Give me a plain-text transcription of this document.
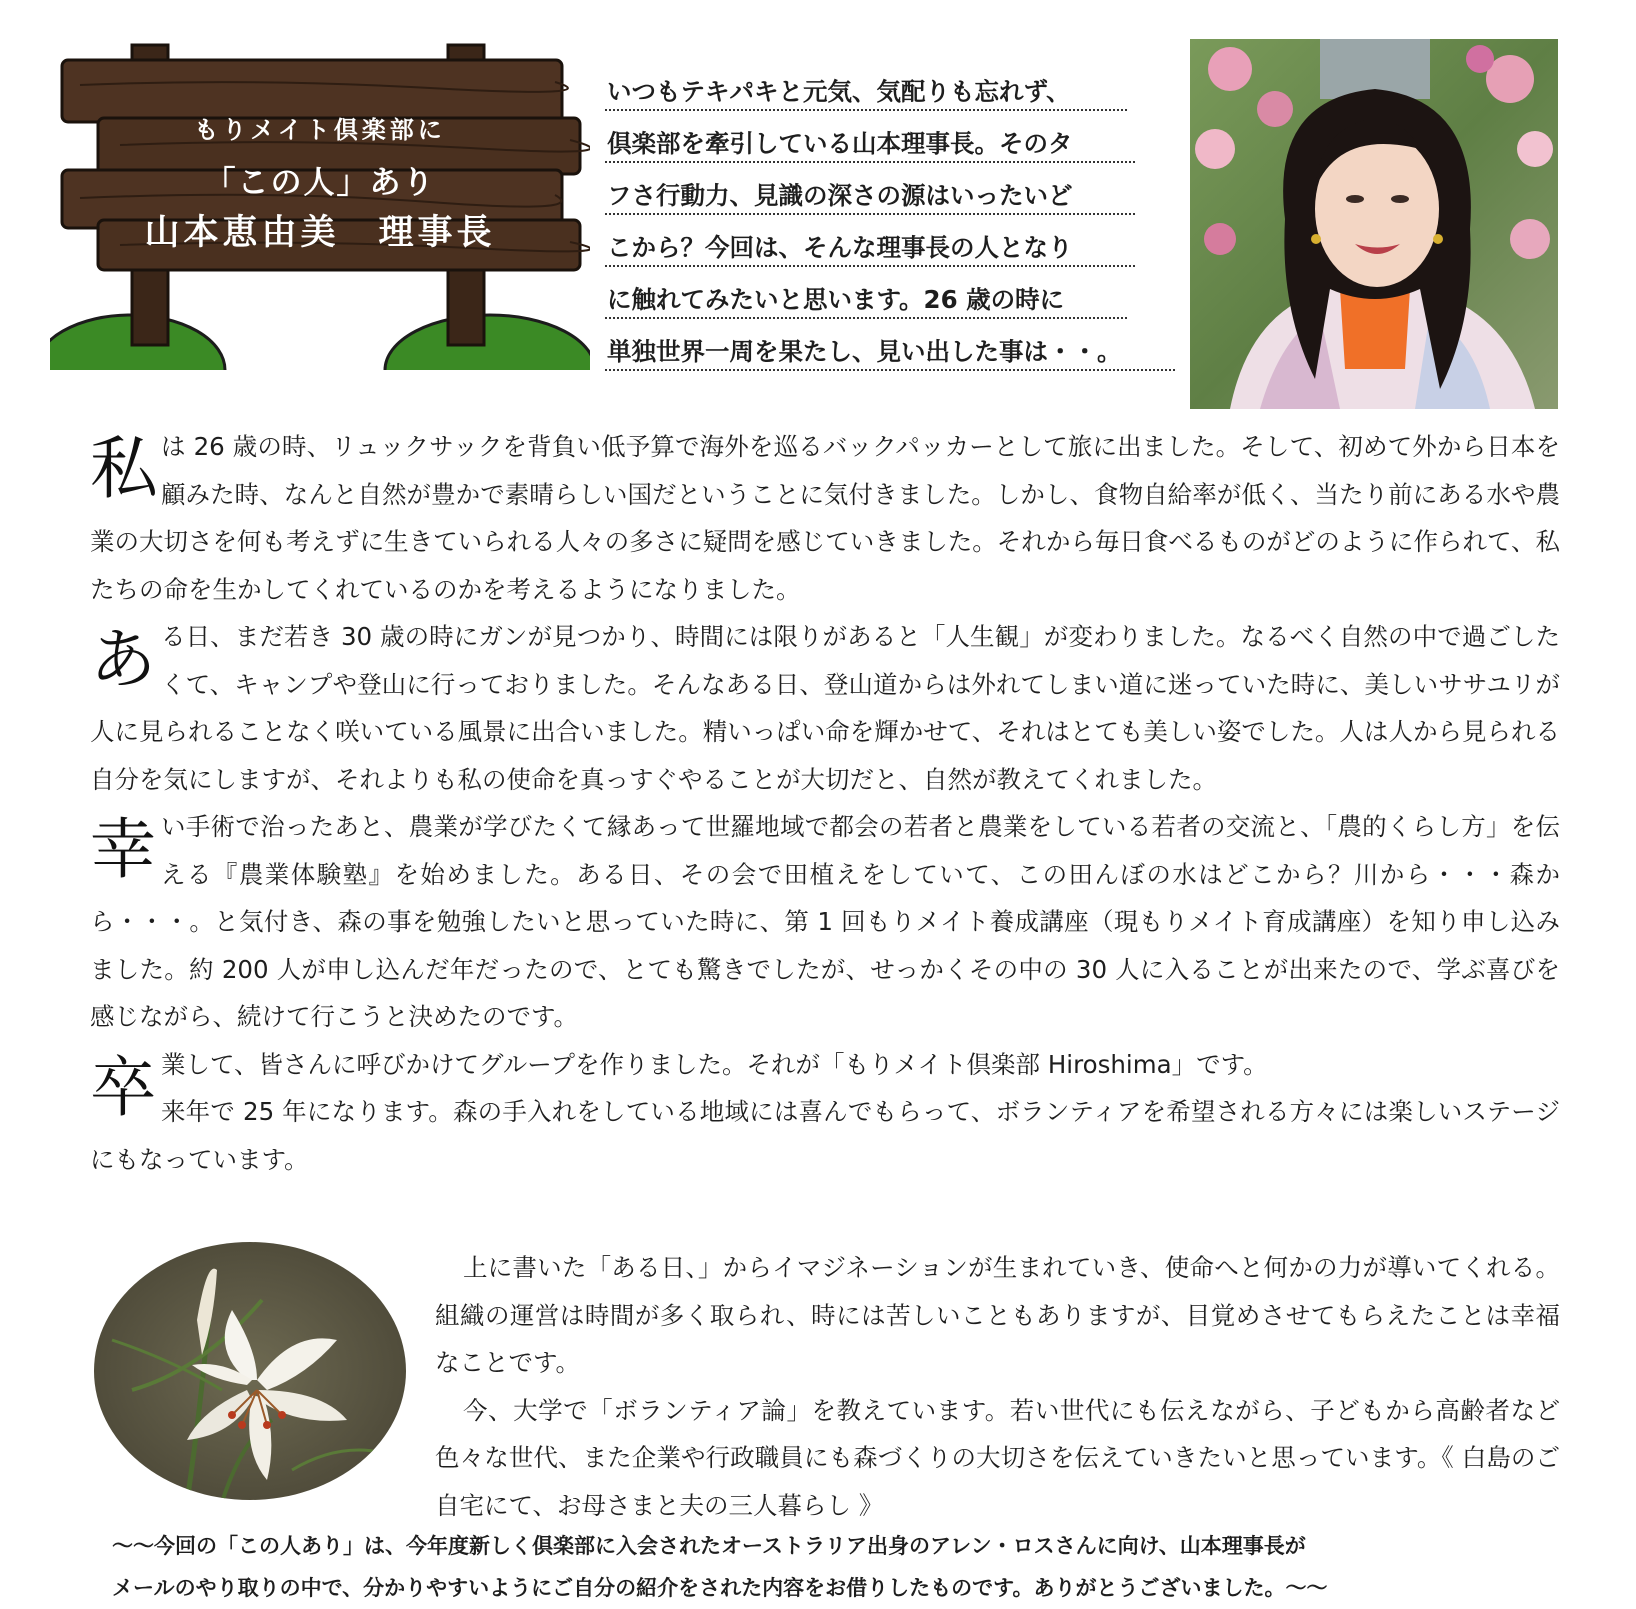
もりメイト倶楽部に
「この人」あり
山本恵由美　理事長
いつもテキパキと元気、気配りも忘れず、
倶楽部を牽引している山本理事長。そのタ
フさ行動力、見識の深さの源はいったいど
こから？今回は、そんな理事長の人となり
に触れてみたいと思います。26 歳の時に
単独世界一周を果たし、見い出した事は・・。

私は 26 歳の時、リュックサックを背負い低予算で海外を巡るバックパッカーとして旅に出ました。そして、初めて外から日本を顧みた時、なんと自然が豊かで素晴らしい国だということに気付きました。しかし、食物自給率が低く、当たり前にある水や農業の大切さを何も考えずに生きていられる人々の多さに疑問を感じていきました。それから毎日食べるものがどのように作られて、私たちの命を生かしてくれているのかを考えるようになりました。

ある日、まだ若き 30 歳の時にガンが見つかり、時間には限りがあると「人生観」が変わりました。なるべく自然の中で過ごしたくて、キャンプや登山に行っておりました。そんなある日、登山道からは外れてしまい道に迷っていた時に、美しいササユリが人に見られることなく咲いている風景に出合いました。精いっぱい命を輝かせて、それはとても美しい姿でした。人は人から見られる自分を気にしますが、それよりも私の使命を真っすぐやることが大切だと、自然が教えてくれました。

幸い手術で治ったあと、農業が学びたくて縁あって世羅地域で都会の若者と農業をしている若者の交流と、「農的くらし方」を伝える『農業体験塾』を始めました。ある日、その会で田植えをしていて、この田んぼの水はどこから？川から・・・森から・・・。と気付き、森の事を勉強したいと思っていた時に、第 1 回もりメイト養成講座（現もりメイト育成講座）を知り申し込みました。約 200 人が申し込んだ年だったので、とても驚きでしたが、せっかくその中の 30 人に入ることが出来たので、学ぶ喜びを感じながら、続けて行こうと決めたのです。

卒業して、皆さんに呼びかけてグループを作りました。それが「もりメイト倶楽部 Hiroshima」です。
来年で 25 年になります。森の手入れをしている地域には喜んでもらって、ボランティアを希望される方々には楽しいステージにもなっています。

上に書いた「ある日、」からイマジネーションが生まれていき、使命へと何かの力が導いてくれる。組織の運営は時間が多く取られ、時には苦しいこともありますが、目覚めさせてもらえたことは幸福なことです。

今、大学で「ボランティア論」を教えています。若い世代にも伝えながら、子どもから高齢者など色々な世代、また企業や行政職員にも森づくりの大切さを伝えていきたいと思っています。《 白島のご自宅にて、お母さまと夫の三人暮らし 》

～～今回の「この人あり」は、今年度新しく倶楽部に入会されたオーストラリア出身のアレン・ロスさんに向け、山本理事長が
メールのやり取りの中で、分かりやすいようにご自分の紹介をされた内容をお借りしたものです。ありがとうございました。～～
